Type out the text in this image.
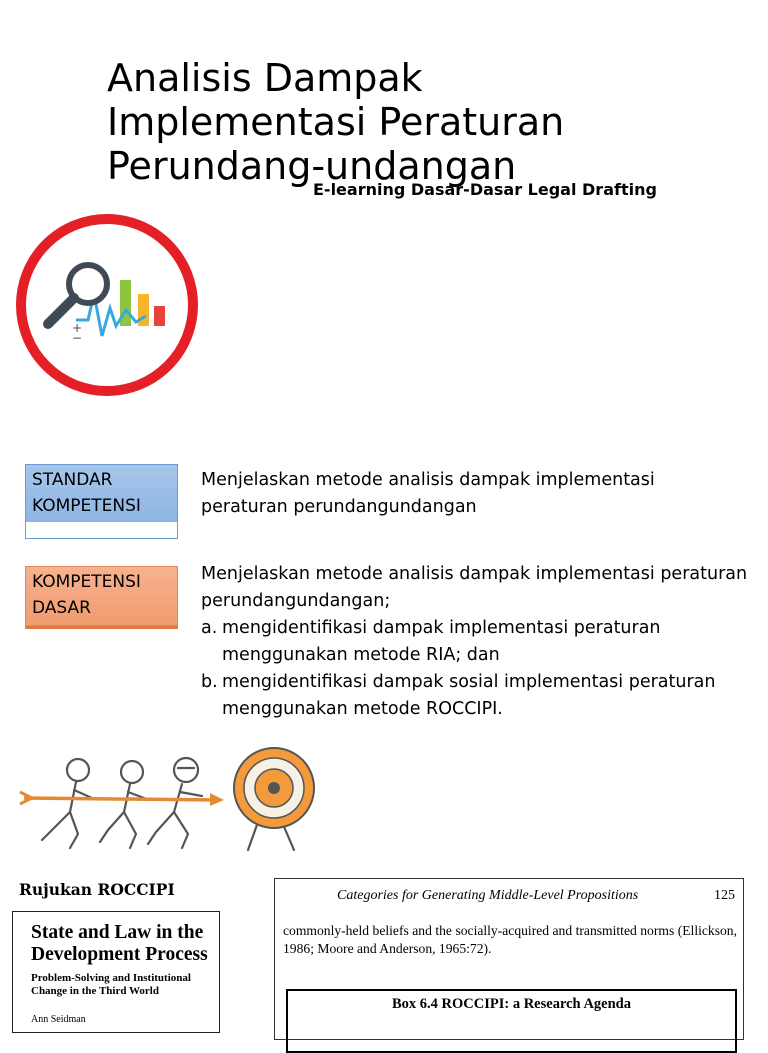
Analisis Dampak
Implementasi Peraturan
Perundang-undangan
E-learning Dasar-Dasar Legal Drafting
+
−
STANDAR
KOMPETENSI
Menjelaskan metode analisis dampak implementasi peraturan perundangundangan
KOMPETENSI
DASAR
Menjelaskan metode analisis dampak implementasi peraturan perundangundangan;
a. mengidentifikasi dampak implementasi peraturan menggunakan metode RIA; dan
b. mengidentifikasi dampak sosial implementasi peraturan menggunakan metode ROCCIPI.
Rujukan ROCCIPI
State and Law in the
Development Process
Problem-Solving and Institutional
Change in the Third World
Ann Seidman
Categories for Generating Middle-Level Propositions	125
commonly-held beliefs and the socially-acquired and transmitted norms (Ellickson, 1986; Moore and Anderson, 1965:72).
Box 6.4 ROCCIPI: a Research Agenda
